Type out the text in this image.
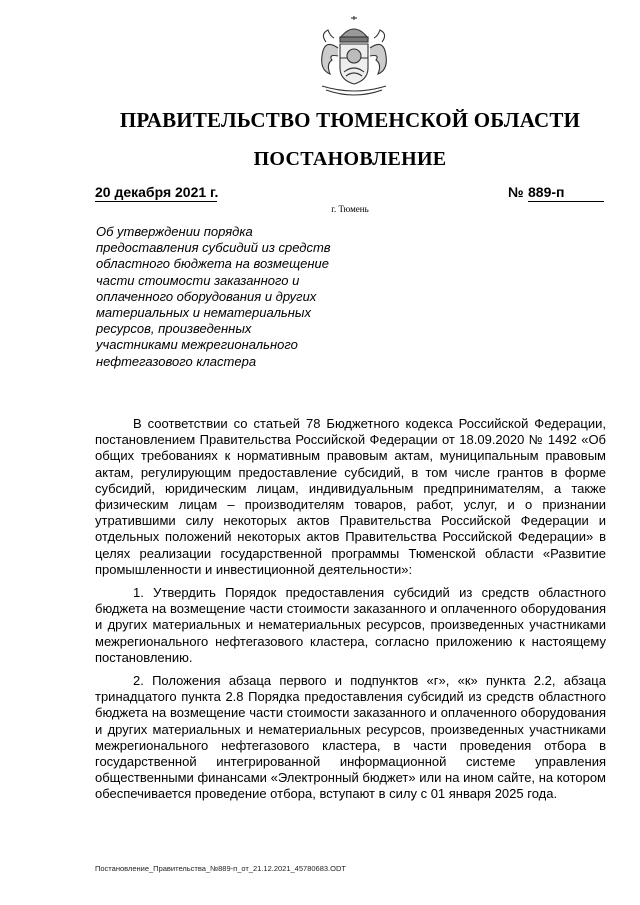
ПРАВИТЕЛЬСТВО ТЮМЕНСКОЙ ОБЛАСТИ
ПОСТАНОВЛЕНИЕ
20 декабря 2021 г.	№ 889-п
г. Тюмень
Об утверждении порядка
предоставления субсидий из средств
областного бюджета на возмещение
части стоимости заказанного и
оплаченного оборудования и других
материальных и нематериальных
ресурсов, произведенных
участниками межрегионального
нефтегазового кластера

В соответствии со статьей 78 Бюджетного кодекса Российской Федерации, постановлением Правительства Российской Федерации от 18.09.2020 № 1492 «Об общих требованиях к нормативным правовым актам, муниципальным правовым актам, регулирующим предоставление субсидий, в том числе грантов в форме субсидий, юридическим лицам, индивидуальным предпринимателям, а также физическим лицам – производителям товаров, работ, услуг, и о признании утратившими силу некоторых актов Правительства Российской Федерации и отдельных положений некоторых актов Правительства Российской Федерации» в целях реализации государственной программы Тюменской области «Развитие промышленности и инвестиционной деятельности»:

1. Утвердить Порядок предоставления субсидий из средств областного бюджета на возмещение части стоимости заказанного и оплаченного оборудования и других материальных и нематериальных ресурсов, произведенных участниками межрегионального нефтегазового кластера, согласно приложению к настоящему постановлению.

2. Положения абзаца первого и подпунктов «г», «к» пункта 2.2, абзаца тринадцатого пункта 2.8 Порядка предоставления субсидий из средств областного бюджета на возмещение части стоимости заказанного и оплаченного оборудования и других материальных и нематериальных ресурсов, произведенных участниками межрегионального нефтегазового кластера, в части проведения отбора в государственной интегрированной информационной системе управления общественными финансами «Электронный бюджет» или на ином сайте, на котором обеспечивается проведение отбора, вступают в силу с 01 января 2025 года.

Постановление_Правительства_№889-п_от_21.12.2021_45780683.ODT
